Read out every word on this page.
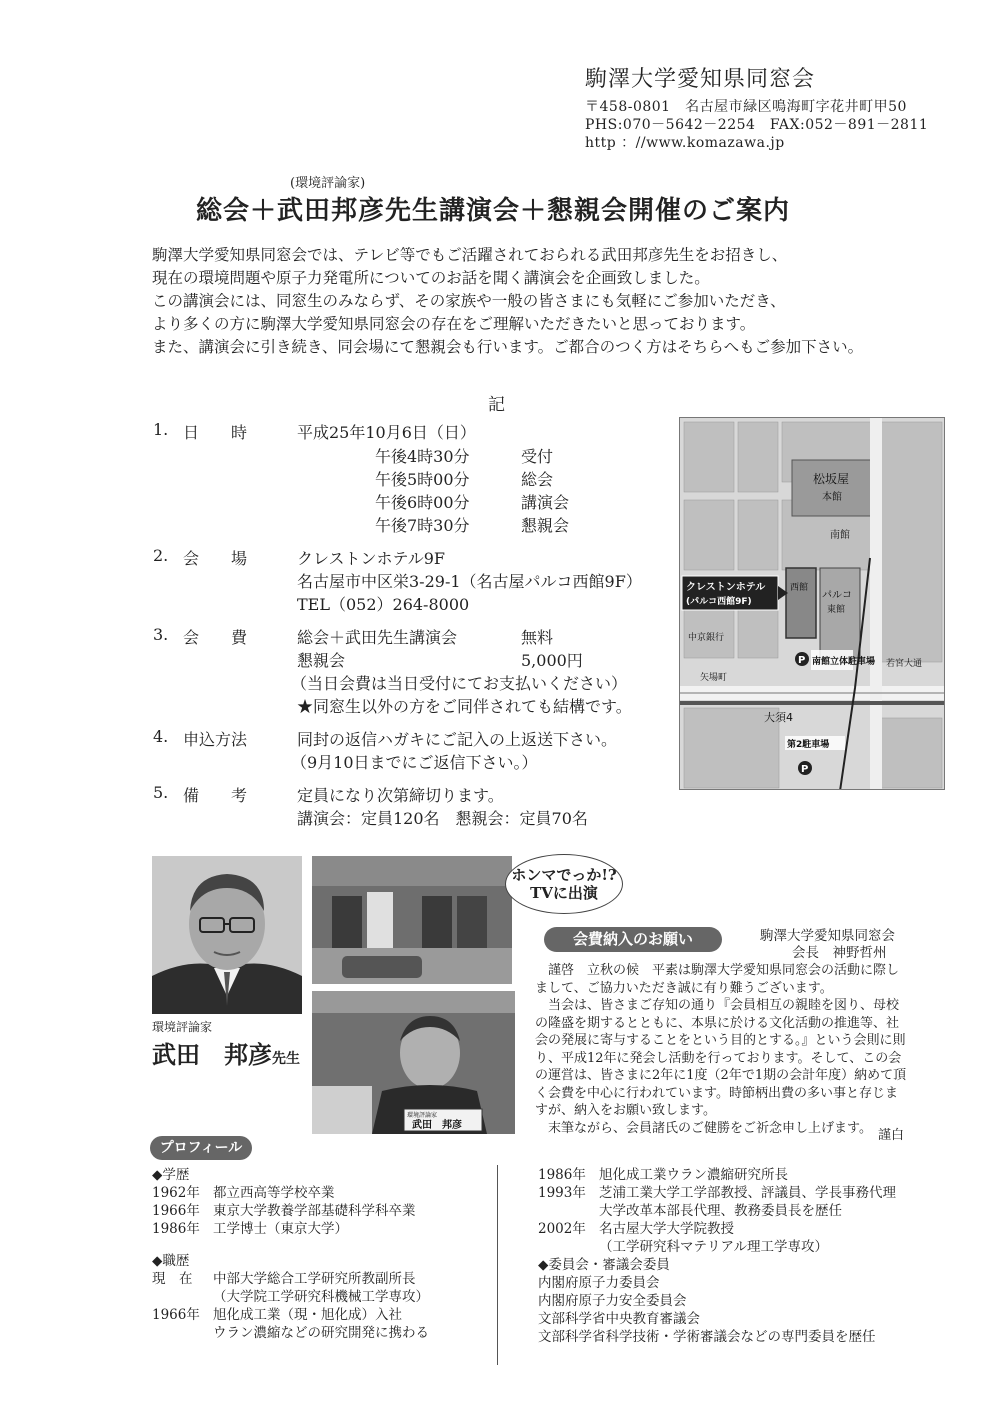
駒澤大学愛知県同窓会
〒458-0801　名古屋市緑区鳴海町字花井町甲50
PHS:070－5642－2254　FAX:052－891－2811
http ：//www.komazawa.jp
(環境評論家)
総会＋武田邦彦先生講演会＋懇親会開催のご案内

駒澤大学愛知県同窓会では、テレビ等でもご活躍されておられる武田邦彦先生をお招きし、

現在の環境問題や原子力発電所についてのお話を聞く講演会を企画致しました。

この講演会には、同窓生のみならず、その家族や一般の皆さまにも気軽にご参加いただき、

より多くの方に駒澤大学愛知県同窓会の存在をご理解いただきたいと思っております。

また、講演会に引き続き、同会場にて懇親会も行います。ご都合のつく方はそちらへもご参加下さい。

記
1. 日　　時	平成25年10月6日（日）
午後4時30分	受付
午後5時00分	総会
午後6時00分	講演会
午後7時30分	懇親会
2. 会　　場	クレストンホテル9F
名古屋市中区栄3-29-1（名古屋パルコ西館9F）
TEL（052）264-8000
3. 会　　費	総会＋武田先生講演会	無料
懇親会	5,000円
（当日会費は当日受付にてお支払いください）
★同窓生以外の方をご同伴されても結構です。
4. 申込方法	同封の返信ハガキにご記入の上返送下さい。
（9月10日までにご返信下さい。）
5. 備　　考	定員になり次第締切ります。
講演会：定員120名　懇親会：定員70名
松坂屋
本館
南館
西館
パルコ
東館
大須4
若宮大通
中京銀行
矢場町
クレストンホテル
(パルコ西館9F)
P 南館立体駐車場
第2駐車場
P
環境評論家
武田　邦彦先生
環境評論家
武田　邦彦
ホンマでっか!?
TVに出演
会費納入のお願い	駒澤大学愛知県同窓会
会長　神野哲州

謹啓　立秋の候　平素は駒澤大学愛知県同窓会の活動に際しまして、ご協力いただき誠に有り難うございます。

当会は、皆さまご存知の通り『会員相互の親睦を図り、母校の隆盛を期するとともに、本県に於ける文化活動の推進等、社会の発展に寄与することをという目的とする。』という会則に則り、平成12年に発会し活動を行っております。そして、この会の運営は、皆さまに2年に1度（2年で1期の会計年度）納めて頂く会費を中心に行われています。時節柄出費の多い事と存じますが、納入をお願い致します。

末筆ながら、会員諸氏のご健勝をご祈念申し上げます。 謹白
プロフィール
◆学歴
1962年 都立西高等学校卒業
1966年 東京大学教養学部基礎科学科卒業
1986年 工学博士（東京大学）
◆職歴
現　在	中部大学総合工学研究所教副所長
（大学院工学研究科機械工学専攻）
1966年 旭化成工業（現・旭化成）入社
ウラン濃縮などの研究開発に携わる
1986年 旭化成工業ウラン濃縮研究所長
1993年 芝浦工業大学工学部教授、評議員、学長事務代理
大学改革本部長代理、教務委員長を歴任
2002年 名古屋大学大学院教授
（工学研究科マテリアル理工学専攻）
◆委員会・審議会委員
内閣府原子力委員会
内閣府原子力安全委員会
文部科学省中央教育審議会
文部科学省科学技術・学術審議会などの専門委員を歴任
